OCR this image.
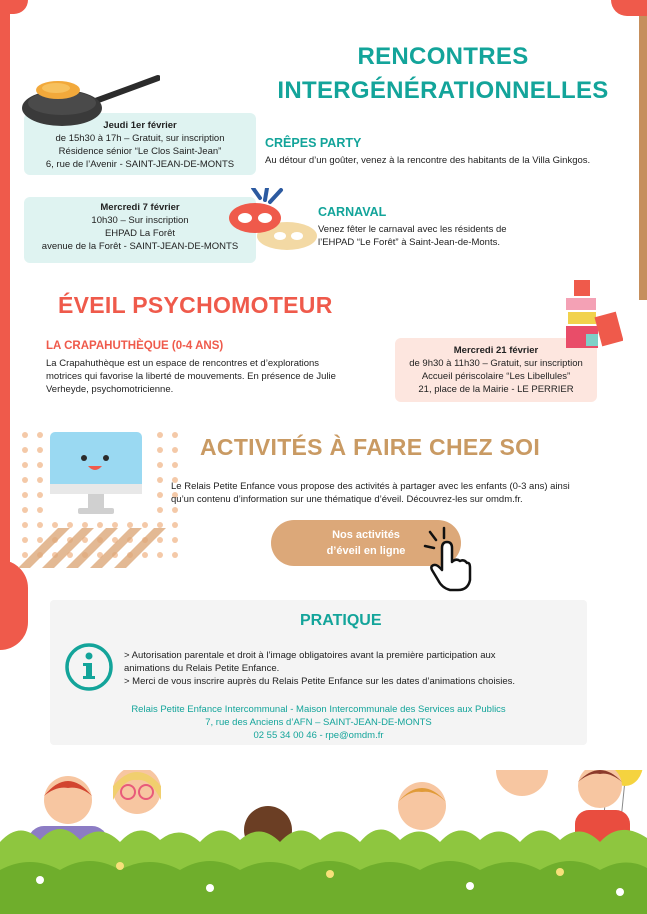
RENCONTRES
INTERGÉNÉRATIONNELLES
Jeudi 1er février
de 15h30 à 17h – Gratuit, sur inscription
Résidence sénior “Le Clos Saint-Jean”
6, rue de l’Avenir - SAINT-JEAN-DE-MONTS
CRÊPES PARTY
Au détour d’un goûter, venez à la rencontre des habitants de la Villa Ginkgos.
Mercredi 7 février
10h30 – Sur inscription
EHPAD La Forêt
avenue de la Forêt - SAINT-JEAN-DE-MONTS
CARNAVAL
Venez fêter le carnaval avec les résidents de
l’EHPAD “Le Forêt” à Saint-Jean-de-Monts.
ÉVEIL PSYCHOMOTEUR
LA CRAPAHUTHÈQUE (0-4 ANS)
La Crapahuthèque est un espace de rencontres et d’explorations
motrices qui favorise la liberté de mouvements. En présence de Julie
Verheyde, psychomotricienne.
Mercredi 21 février
de 9h30 à 11h30 – Gratuit, sur inscription
Accueil périscolaire “Les Libellules”
21, place de la Mairie - LE PERRIER
ACTIVITÉS À FAIRE CHEZ SOI
Le Relais Petite Enfance vous propose des activités à partager avec les enfants (0-3 ans) ainsi
qu’un contenu d’information sur une thématique d’éveil. Découvrez-les sur omdm.fr.
Nos activités
d’éveil en ligne
PRATIQUE
> Autorisation parentale et droit à l’image obligatoires avant la première participation aux
animations du Relais Petite Enfance.
> Merci de vous inscrire auprès du Relais Petite Enfance sur les dates d’animations choisies.
Relais Petite Enfance Intercommunal - Maison Intercommunale des Services aux Publics
7, rue des Anciens d’AFN – SAINT-JEAN-DE-MONTS
02 55 34 00 46 - rpe@omdm.fr
